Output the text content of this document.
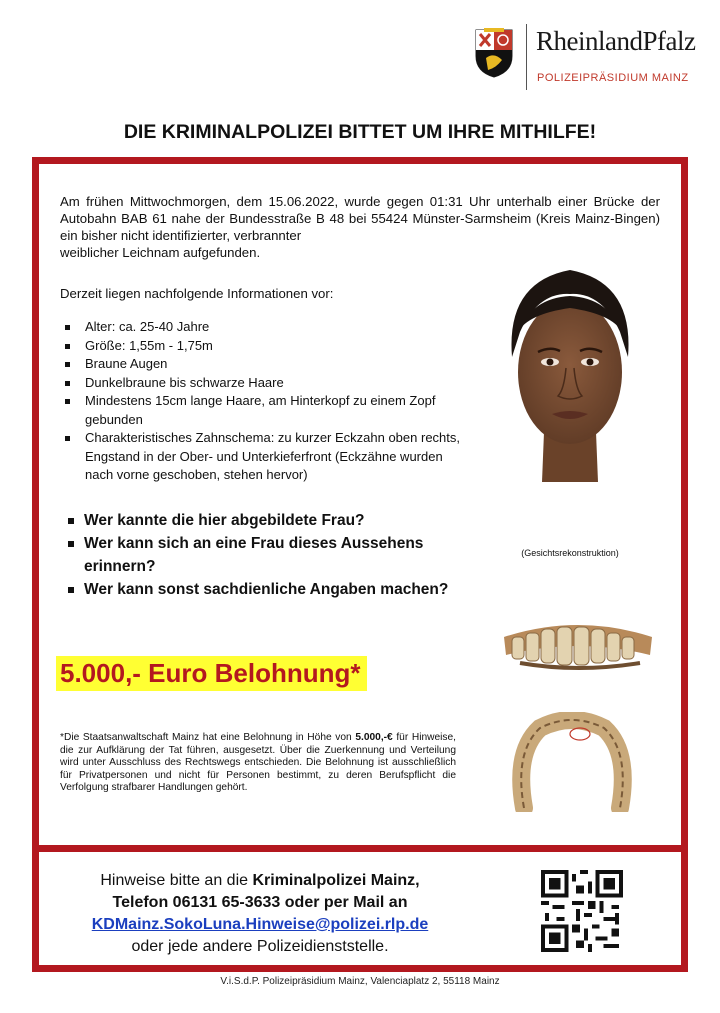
RheinlandPfalz
POLIZEIPRÄSIDIUM MAINZ
DIE KRIMINALPOLIZEI BITTET UM IHRE MITHILFE!
Am frühen Mittwochmorgen, dem 15.06.2022, wurde gegen 01:31 Uhr unterhalb einer Brücke der Autobahn BAB 61 nahe der Bundesstraße B 48 bei 55424 Münster-Sarmsheim (Kreis Mainz-Bingen) ein bisher nicht identifizierter, verbrannter
weiblicher Leichnam aufgefunden.
Derzeit liegen nachfolgende Informationen vor:
Alter: ca. 25-40 Jahre
Größe: 1,55m - 1,75m
Braune Augen
Dunkelbraune bis schwarze Haare
Mindestens 15cm lange Haare, am Hinterkopf zu einem Zopf gebunden
Charakteristisches Zahnschema: zu kurzer Eckzahn oben rechts, Engstand in der Ober- und Unterkieferfront (Eckzähne wurden nach vorne geschoben, stehen hervor)
Wer kannte die hier abgebildete Frau?
Wer kann sich an eine Frau dieses Aussehens erinnern?
Wer kann sonst sachdienliche Angaben machen?
5.000,- Euro Belohnung*
*Die Staatsanwaltschaft Mainz hat eine Belohnung in Höhe von 5.000,-€ für Hinweise, die zur Aufklärung der Tat führen, ausgesetzt. Über die Zuerkennung und Verteilung wird unter Ausschluss des Rechtswegs entschieden. Die Belohnung ist ausschließlich für Privatpersonen und nicht für Personen bestimmt, zu deren Berufspflicht die Verfolgung strafbarer Handlungen gehört.
(Gesichtsrekonstruktion)
Hinweise bitte an die Kriminalpolizei Mainz,
Telefon 06131 65-3633 oder per Mail an
KDMainz.SokoLuna.Hinweise@polizei.rlp.de
oder jede andere Polizeidienststelle.
V.i.S.d.P. Polizeipräsidium Mainz, Valenciaplatz 2, 55118 Mainz
